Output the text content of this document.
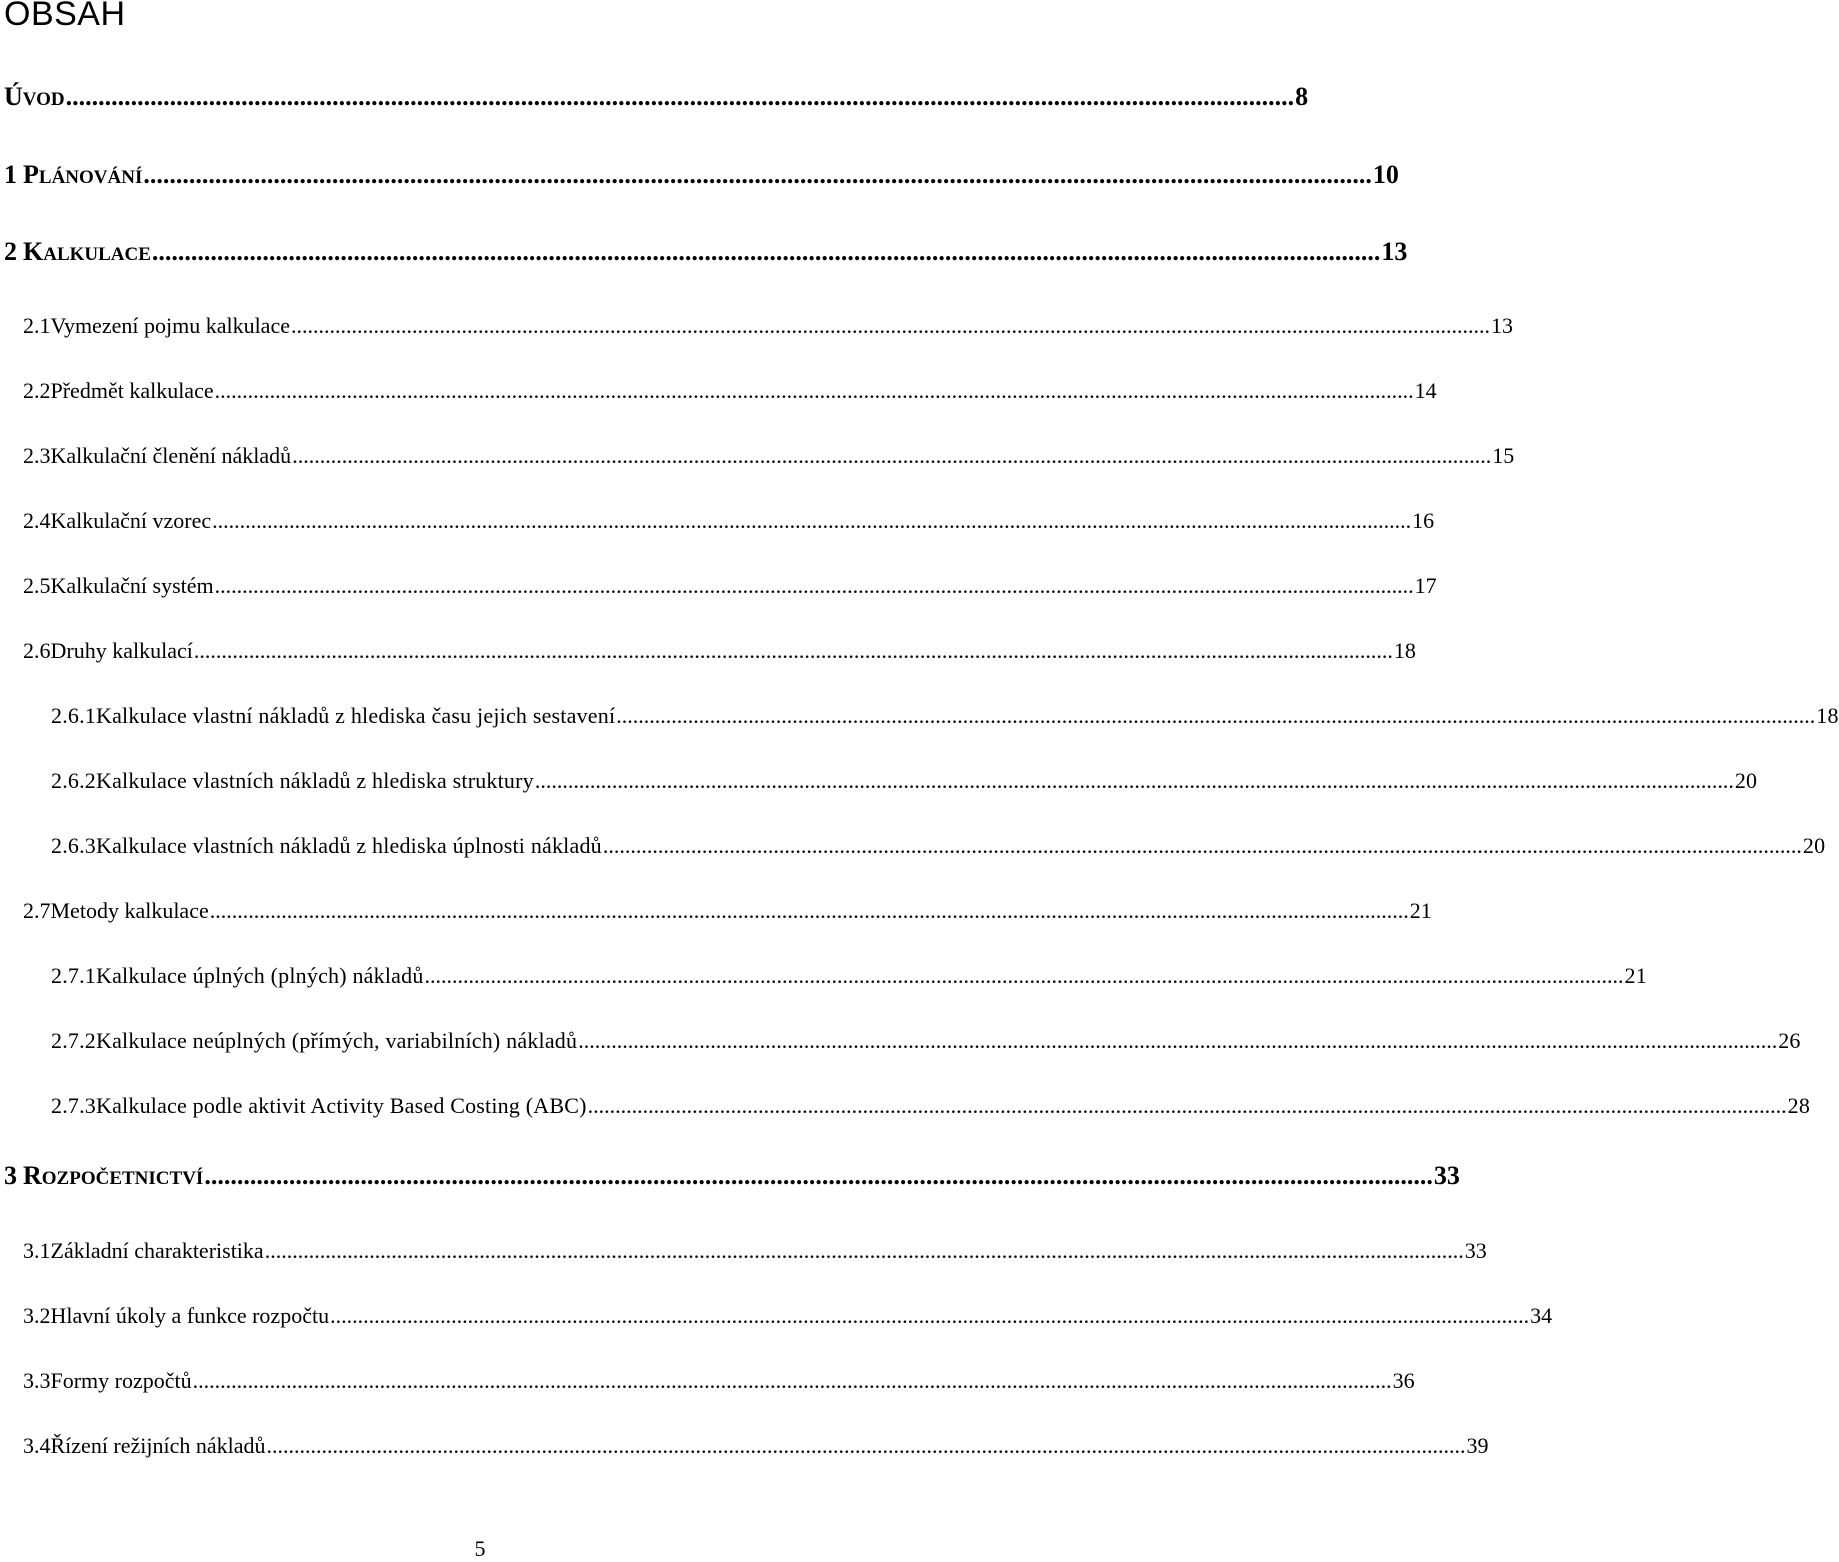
OBSAH
ÚVOD ............................................................................................................................................................................................. 8
1 PLÁNOVÁNÍ ............................................................................................................................................................................................. 10
2 KALKULACE ............................................................................................................................................................................................. 13
2.1 Vymezení pojmu kalkulace .......................................................................................................................................................................................................................... 13
2.2 Předmět kalkulace .......................................................................................................................................................................................................................... 14
2.3 Kalkulační členění nákladů .......................................................................................................................................................................................................................... 15
2.4 Kalkulační vzorec .......................................................................................................................................................................................................................... 16
2.5 Kalkulační systém .......................................................................................................................................................................................................................... 17
2.6 Druhy kalkulací .......................................................................................................................................................................................................................... 18
2.6.1 Kalkulace vlastní nákladů z hlediska času jejich sestavení .......................................................................................................................................................................................................................... 18
2.6.2 Kalkulace vlastních nákladů z hlediska struktury .......................................................................................................................................................................................................................... 20
2.6.3 Kalkulace vlastních nákladů z hlediska úplnosti nákladů .......................................................................................................................................................................................................................... 20
2.7 Metody kalkulace .......................................................................................................................................................................................................................... 21
2.7.1 Kalkulace úplných (plných) nákladů .......................................................................................................................................................................................................................... 21
2.7.2 Kalkulace neúplných (přímých, variabilních) nákladů .......................................................................................................................................................................................................................... 26
2.7.3 Kalkulace podle aktivit Activity Based Costing (ABC) .......................................................................................................................................................................................................................... 28
3 ROZPOČETNICTVÍ ............................................................................................................................................................................................. 33
3.1 Základní charakteristika .......................................................................................................................................................................................................................... 33
3.2 Hlavní úkoly a funkce rozpočtu .......................................................................................................................................................................................................................... 34
3.3 Formy rozpočtů .......................................................................................................................................................................................................................... 36
3.4 Řízení režijních nákladů .......................................................................................................................................................................................................................... 39
5
